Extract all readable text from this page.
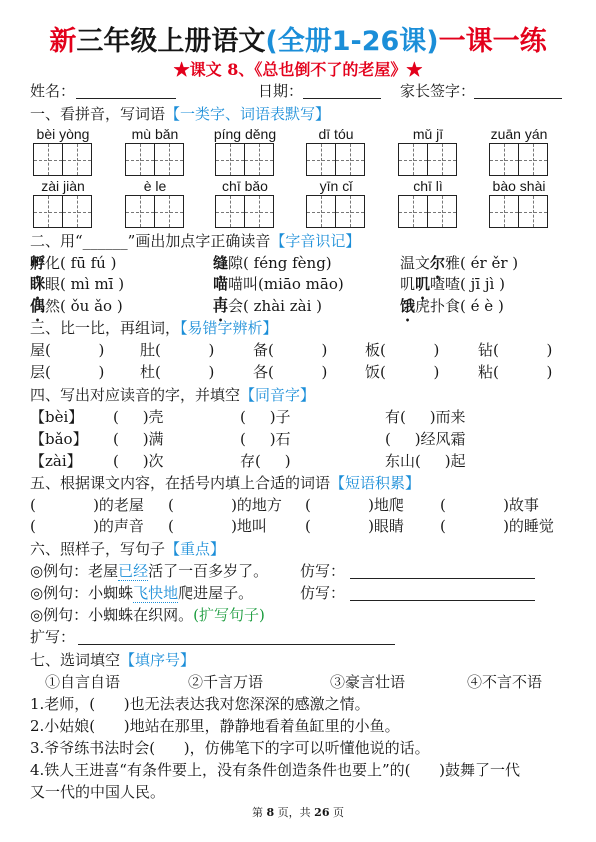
新三年级上册语文(全册1-26课)一课一练
★课文 8、《总也倒不了的老屋》★
姓名：	日期：	家长签字：
一、看拼音，写词语【一类字、词语表默写】
bèi yòng	mù bǎn	píng děng	dī tóu	mǔ jī	zuān yán
zài jiàn	è le	chī bǎo	yīn cǐ	chī lì	bào shài
二、用“______”画出加点字正确读音【字音识记】
孵化( fū fú )	缝隙( féng fèng)	温文尔雅( ér ěr )
眯眼( mì mī )	喵喵叫(miāo māo)	叽叽喳喳( jī jì )
偶然( ǒu ǎo )	再会( zhài zài )	饿虎扑食( é è )
三、比一比，再组词，【易错字辨析】
屋(          ) 肚(          )	备(          )	板(          )	钻(          )
层(          ) 杜(          )	各(          )	饭(          )	粘(          )
四、写出对应读音的字，并填空【同音字】
【bèi】 (     )壳	(     )子	有(     )而来
【bǎo】 (     )满	(     )石	(     )经风霜
【zài】 (     )次	存(     )	东山(     )起
五、根据课文内容，在括号内填上合适的词语【短语积累】
(            )的老屋 (            )的地方 (            )地爬 (            )故事
(            )的声音 (            )地叫	(            )眼睛 (            )的睡觉
六、照样子，写句子【重点】
◎例句：老屋已经活了一百多岁了。 仿写：
◎例句：小蜘蛛飞快地爬进屋子。	仿写：
◎例句：小蜘蛛在织网。(扩写句子)
扩写：
七、选词填空【填序号】
①自言自语	②千言万语	③豪言壮语	④不言不语
1.老师，(      )也无法表达我对您深深的感激之情。
2.小姑娘(      )地站在那里，静静地看着鱼缸里的小鱼。
3.爷爷练书法时会(      )，仿佛笔下的字可以听懂他说的话。
4.铁人王进喜“有条件要上，没有条件创造条件也要上”的(      )鼓舞了一代
又一代的中国人民。
第 8 页，共 26 页
